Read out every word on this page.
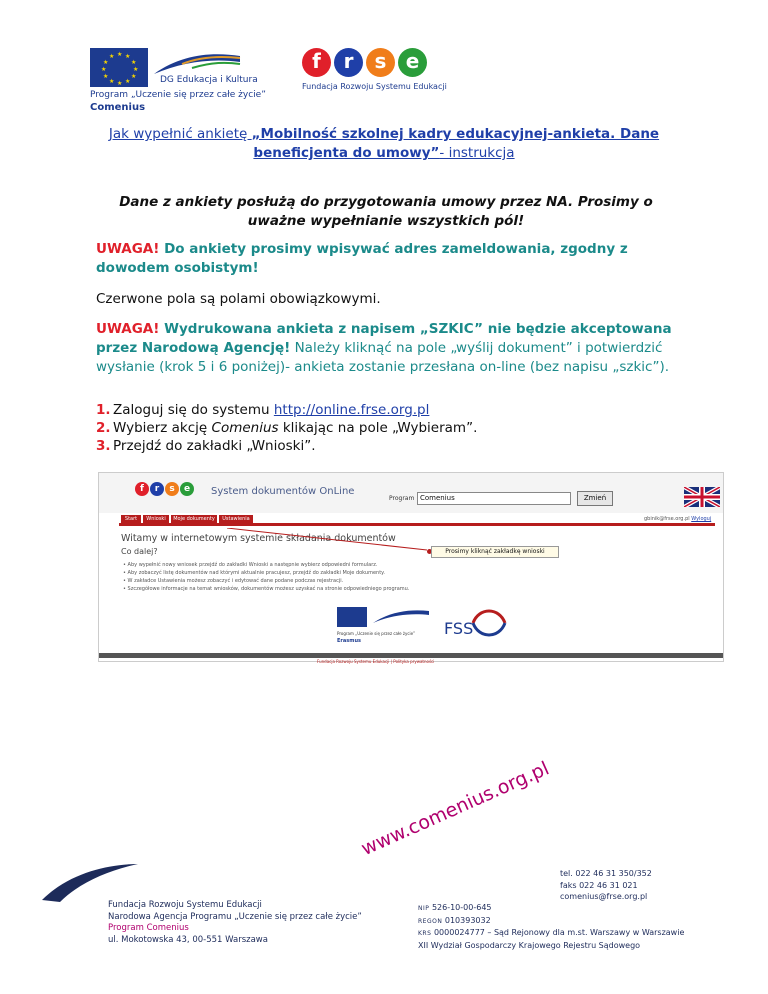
★ ★
★
★
★
★
★
★
★
★
★
★
DG Edukacja i Kultura
Program „Uczenie się przez całe życie”
Comenius
f	r	s e
Fundacja Rozwoju Systemu Edukacji
Jak wypełnić ankietę „Mobilność szkolnej kadry edukacyjnej-ankieta. Dane beneficjenta do umowy”- instrukcja
Dane z ankiety posłużą do przygotowania umowy przez NA. Prosimy o uważne wypełnianie wszystkich pól!
UWAGA! Do ankiety prosimy wpisywać adres zameldowania, zgodny z dowodem osobistym!
Czerwone pola są polami obowiązkowymi.
UWAGA! Wydrukowana ankieta z napisem „SZKIC” nie będzie akceptowana przez Narodową Agencję! Należy kliknąć na pole „wyślij dokument” i potwierdzić wysłanie (krok 5 i 6 poniżej)- ankieta zostanie przesłana on-line (bez napisu „szkic”).
1. Zaloguj się do systemu http://online.frse.org.pl
2. Wybierz akcję Comenius klikając na pole „Wybieram”.
3. Przejdź do zakładki „Wnioski”.
f	r	s	e	System dokumentów OnLine
Program Comenius	Zmień
Start	Wnioski	Moje dokumenty	Ustawienia	gbinik@frse.org.pl Wyloguj
Witamy w internetowym systemie składania dokumentów
Co dalej?
• Aby wypełnić nowy wniosek przejdź do zakładki Wnioski a następnie wybierz odpowiedni formularz.
• Aby zobaczyć listę dokumentów nad którymi aktualnie pracujesz, przejdź do zakładki Moje dokumenty.
• W zakładce Ustawienia możesz zobaczyć i edytować dane podane podczas rejestracji.
• Szczegółowe informacje na temat wniosków, dokumentów możesz uzyskać na stronie odpowiedniego programu.
Prosimy kliknąć zakładkę wnioski
Program „Uczenie się przez całe życie”
Erasmus
FSS
Fundacja Rozwoju Systemu Edukacji | Polityka prywatności
Fundacja Rozwoju Systemu Edukacji
Narodowa Agencja Programu „Uczenie się przez całe życie”
Program Comenius
ul. Mokotowska 43, 00-551 Warszawa
www.comenius.org.pl
NIP 526-10-00-645
REGON 010393032
KRS 0000024777 – Sąd Rejonowy dla m.st. Warszawy w Warszawie
XII Wydział Gospodarczy Krajowego Rejestru Sądowego
tel. 022 46 31 350/352
faks 022 46 31 021
comenius@frse.org.pl
